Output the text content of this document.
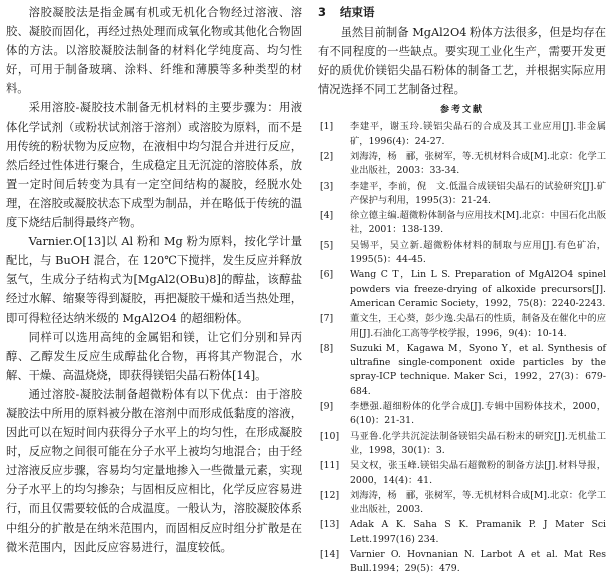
溶胶凝胶法是指金属有机或无机化合物经过溶液、溶胶、凝胶而固化，再经过热处理而成氧化物或其他化合物固体的方法。以溶胶凝胶法制备的材料化学纯度高、均匀性好，可用于制备玻璃、涂料、纤维和薄膜等多种类型的材料。

采用溶胶-凝胶技术制备无机材料的主要步骤为：用液体化学试剂（或粉状试剂溶于溶剂）或溶胶为原料，而不是用传统的粉状物为反应物，在液相中均匀混合并进行反应，然后经过性体进行聚合，生成稳定且无沉淀的溶胶体系，放置一定时间后转变为具有一定空间结构的凝胶，经脱水处理，在溶胶或凝胶状态下成型为制品，并在略低于传统的温度下烧结后制得最终产物。

Varnier.O[13]以 Al 粉和 Mg 粉为原料，按化学计量配比，与 BuOH 混合，在 120℃下搅拌，发生反应并释放氢气，生成分子结构式为[MgAl2(OBu)8]的醇盐，该醇盐经过水解、缩聚等得到凝胶，再把凝胶干燥和适当热处理，即可得粒径达纳米级的 MgAl2O4 的超细粉体。

同样可以选用高纯的金属铝和镁，让它们分别和异丙醇、乙醇发生反应生成醇盐化合物，再将其产物混合，水解、干燥、高温烧烧，即获得镁铝尖晶石粉体[14]。

通过溶胶-凝胶法制备超微粉体有以下优点：由于溶胶凝胶法中所用的原料被分散在溶剂中而形成低黏度的溶液，因此可以在短时间内获得分子水平上的均匀性，在形成凝胶时，反应物之间很可能在分子水平上被均匀地混合；由于经过溶液反应步骤，容易均匀定量地掺入一些微量元素，实现分子水平上的均匀掺杂；与固相反应相比，化学反应容易进行，而且仅需要较低的合成温度。一般认为，溶胶凝胶体系中组分的扩散是在纳米范围内，而固相反应时组分扩散是在微米范围内，因此反应容易进行，温度较低。

3 结束语

虽然目前制备 MgAl2O4 粉体方法很多，但是均存在有不同程度的一些缺点。要实现工业化生产，需要开发更好的质优价镁铝尖晶石粉体的制备工艺，并根据实际应用情况选择不同工艺制备过程。

参考文献
[1]	李建平，谢玉玲.镁铝尖晶石的合成及其工业应用[J].非金属矿，1996(4)：24-27.
[2]	刘海涛，杨　郦，张树军，等.无机材料合成[M].北京：化学工业出版社，2003：33-34.
[3]	李建平，李前，倪　文.低温合成镁铝尖晶石的试验研究[J].矿产保护与利用，1995(3)：21-24.
[4]	徐立德主编.超微粉体制备与应用技术[M].北京：中国石化出版社，2001：138-139.
[5]	吴锡平，吴立新.超微粉体材料的制取与应用[J].有色矿冶，1995(5)：44-45.
[6]	Wang C T，Lin L S. Preparation of MgAl2O4 spinel powders via freeze-drying of alkoxide precursors[J]. American Ceramic Society，1992，75(8)：2240-2243.
[7]	董文生，王心葵，彭少逸.尖晶石的性质，制备及在催化中的应用[J].石油化工高等学校学报，1996，9(4)：10-14.
[8]	Suzuki M，Kagawa M，Syono Y，et al. Synthesis of ultrafine single-component oxide particles by the spray-ICP technique. Maker Sci，1992，27(3)：679-684.
[9]	李懋强.超细粉体的化学合成[J].专辑中国粉体技术，2000，6(10)：21-31.
[10]	马亚鲁.化学共沉淀法制备镁铝尖晶石粉末的研究[J].无机盐工业，1998，30(1)：3.
[11]	吴文权，张玉峰.镁铝尖晶石超微粉的制备方法[J].材料导报，2000，14(4)：41.
[12]	刘海涛，杨　郦，张树军，等.无机材料合成[M].北京：化学工业出版社，2003.
[13]	Adak A K. Saha S K. Pramanik P. J Mater Sci Lett.1997(16) 234.
[14]	Varnier O. Hovnanian N. Larbot A et al. Mat Res Bull.1994；29(5)：479.
